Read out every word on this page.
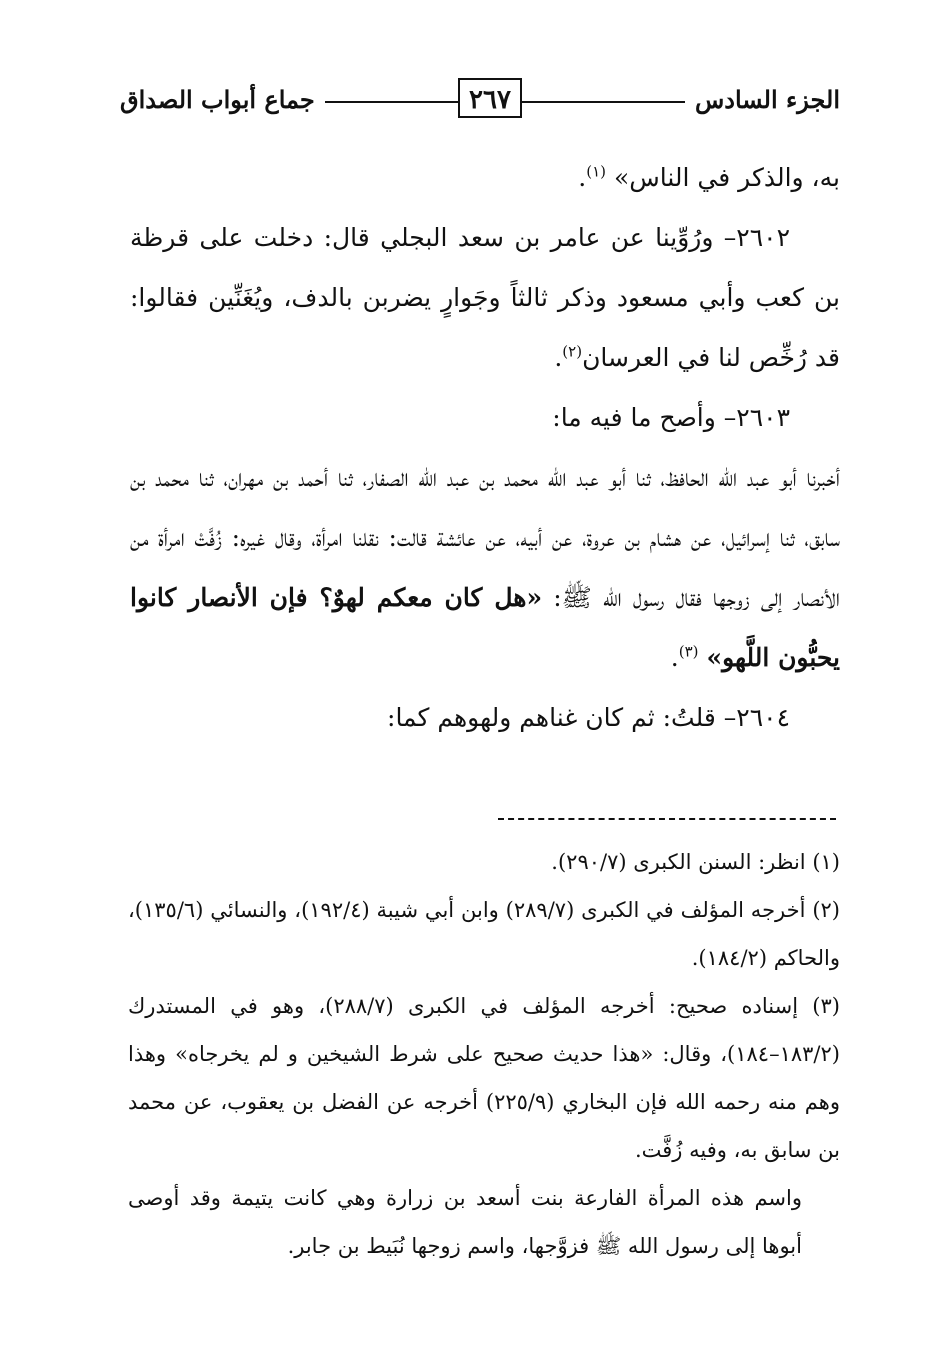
الجزء السادس
٢٦٧
جماع أبواب الصداق

به، والذكر في الناس» $^{(١)}$.

٢٦٠٢– ورُوِّينا عن عامر بن سعد البجلي قال: دخلت على قرظة بن كعب وأبي مسعود وذكر ثالثاً وجَوارٍ يضربن بالدف، ويُغَنِّين فقالوا: قد رُخِّص لنا في العرسان$^{(٢)}$.

٢٦٠٣– وأصح ما فيه ما:

أخبرنا أبو عبد الله الحافظ، ثنا أبو عبد الله محمد بن عبد الله الصفار، ثنا أحمد بن مهران، ثنا محمد بن سابق، ثنا إسرائيل، عن هشام بن عروة، عن أبيه، عن عائشة قالت: نقلنا امرأة، وقال غيره: زُفَّتْ امرأة من الأنصار إلى زوجها فقال رسول الله ﷺ: «هل كان معكم لهوٌ؟ فإن الأنصار كانوا يحبُّون اللَّهو» $^{(٣)}$.

٢٦٠٤– قلتُ: ثم كان غناهم ولهوهم كما:

(١) انظر: السنن الكبرى (٢٩٠/٧).

(٢) أخرجه المؤلف في الكبرى (٢٨٩/٧) وابن أبي شيبة (١٩٢/٤)، والنسائي (١٣٥/٦)، والحاكم (١٨٤/٢).

(٣) إسناده صحيح: أخرجه المؤلف في الكبرى (٢٨٨/٧)، وهو في المستدرك (١٨٣/٢–١٨٤)، وقال: «هذا حديث صحيح على شرط الشيخين و لم يخرجاه» وهذا وهم منه رحمه الله فإن البخاري (٢٢٥/٩) أخرجه عن الفضل بن يعقوب، عن محمد بن سابق به، وفيه زُفَّت.

واسم هذه المرأة الفارعة بنت أسعد بن زرارة وهي كانت يتيمة وقد أوصى أبوها إلى رسول الله ﷺ فزوَّجها، واسم زوجها نُبَيط بن جابر.
